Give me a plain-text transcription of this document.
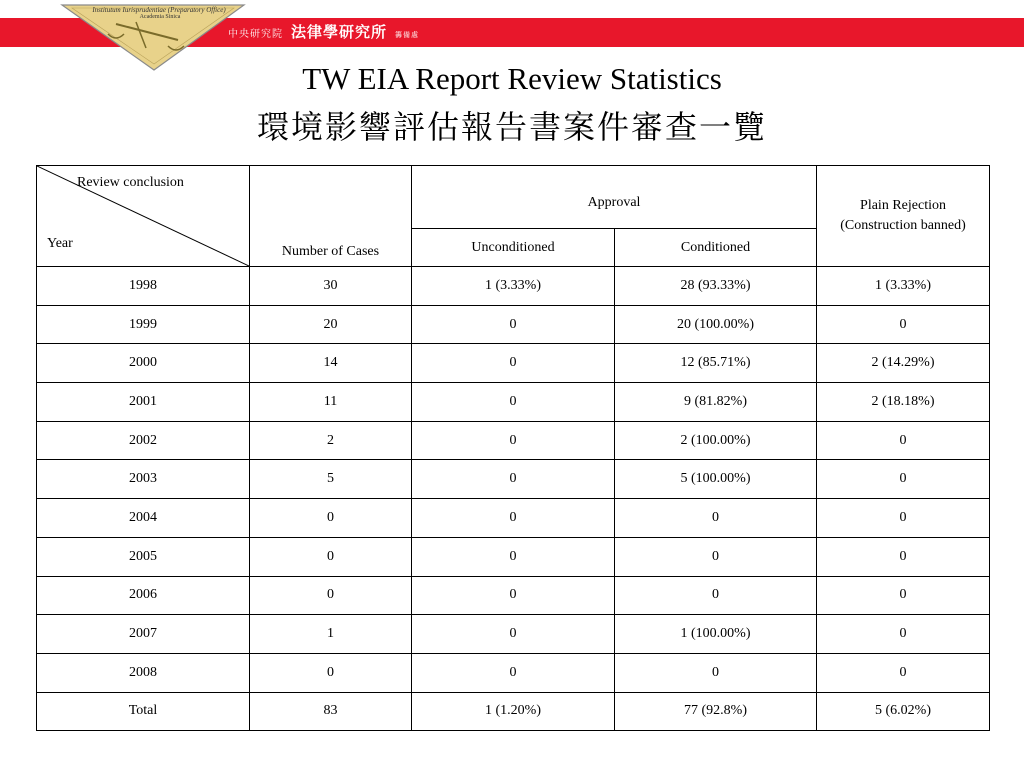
Institutum Iurisprudentiae (Preparatory Office)
Academia Sinica
中央研究院 法律學研究所 籌備處
TW EIA Report Review Statistics
環境影響評估報告書案件審查一覽
Review conclusion
Year	Number of Cases	Approval		Plain Rejection (Construction banned)
		Unconditioned	Conditioned	
1998	30	1 (3.33%)	28 (93.33%)	1 (3.33%)
1999	20	0	20 (100.00%)	0
2000	14	0	12 (85.71%)	2 (14.29%)
2001	11	0	9 (81.82%)	2 (18.18%)
2002	2	0	2 (100.00%)	0
2003	5	0	5 (100.00%)	0
2004	0	0	0	0
2005	0	0	0	0
2006	0	0	0	0
2007	1	0	1 (100.00%)	0
2008	0	0	0	0
Total	83	1 (1.20%)	77 (92.8%)	5 (6.02%)
